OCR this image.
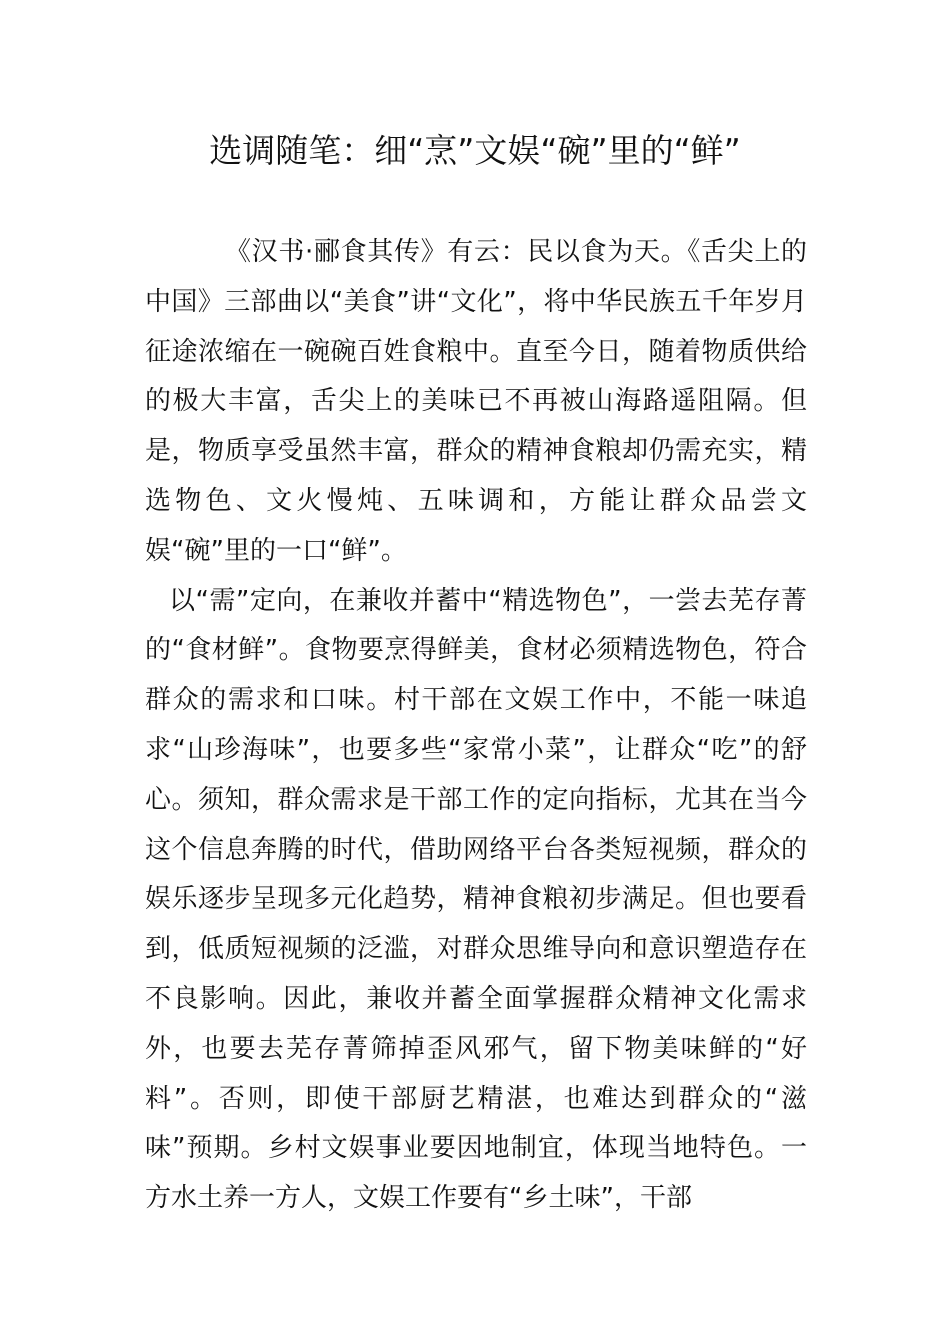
选调随笔：细“烹”文娱“碗”里的“鲜”

《汉书·郦食其传》有云：民以食为天。《舌尖上的中国》三部曲以“美食”讲“文化”，将中华民族五千年岁月征途浓缩在一碗碗百姓食粮中。直至今日，随着物质供给的极大丰富，舌尖上的美味已不再被山海路遥阻隔。但是，物质享受虽然丰富，群众的精神食粮却仍需充实，精选物色、文火慢炖、五味调和，方能让群众品尝文娱“碗”里的一口“鲜”。

以“需”定向，在兼收并蓄中“精选物色”，一尝去芜存菁的“食材鲜”。食物要烹得鲜美，食材必须精选物色，符合群众的需求和口味。村干部在文娱工作中，不能一味追求“山珍海味”，也要多些“家常小菜”，让群众“吃”的舒心。须知，群众需求是干部工作的定向指标，尤其在当今这个信息奔腾的时代，借助网络平台各类短视频，群众的娱乐逐步呈现多元化趋势，精神食粮初步满足。但也要看到，低质短视频的泛滥，对群众思维导向和意识塑造存在不良影响。因此，兼收并蓄全面掌握群众精神文化需求外，也要去芜存菁筛掉歪风邪气，留下物美味鲜的“好料”。否则，即使干部厨艺精湛，也难达到群众的“滋味”预期。乡村文娱事业要因地制宜，体现当地特色。一方水土养一方人，文娱工作要有“乡土味”，干部
